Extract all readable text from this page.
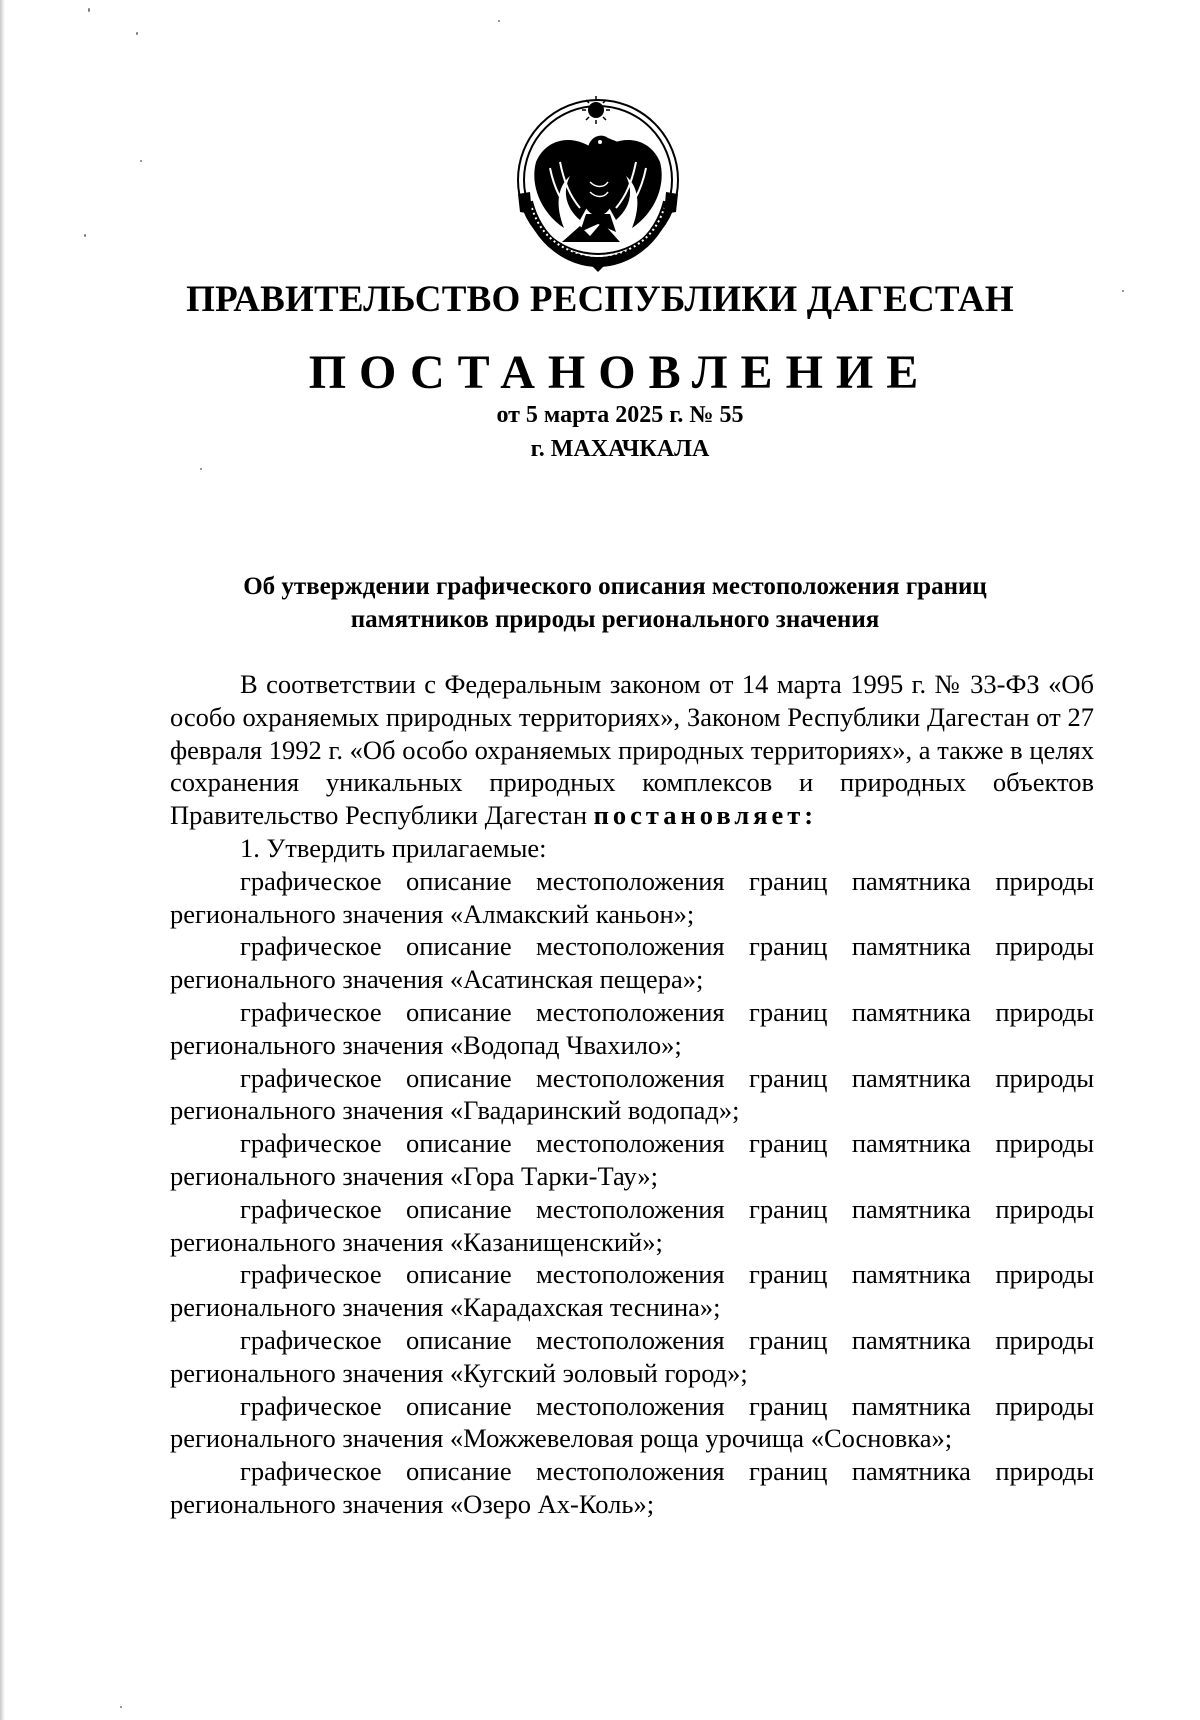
ПРАВИТЕЛЬСТВО РЕСПУБЛИКИ ДАГЕСТАН
ПОСТАНОВЛЕНИЕ
от 5 марта 2025 г. № 55
г. МАХАЧКАЛА
Об утверждении графического описания местоположения границ
памятников природы регионального значения

В соответствии с Федеральным законом от 14 марта 1995 г. № 33-ФЗ «Об особо охраняемых природных территориях», Законом Республики Дагестан от 27 февраля 1992 г. «Об особо охраняемых природных территориях», а также в целях сохранения уникальных природных комплексов и природных объектов Правительство Республики Дагестан постановляет:

1. Утвердить прилагаемые:

графическое описание местоположения границ памятника природы регионального значения «Алмакский каньон»;
графическое описание местоположения границ памятника природы регионального значения «Асатинская пещера»;
графическое описание местоположения границ памятника природы регионального значения «Водопад Чвахило»;
графическое описание местоположения границ памятника природы регионального значения «Гвадаринский водопад»;
графическое описание местоположения границ памятника природы регионального значения «Гора Тарки-Тау»;
графическое описание местоположения границ памятника природы регионального значения «Казанищенский»;
графическое описание местоположения границ памятника природы регионального значения «Карадахская теснина»;
графическое описание местоположения границ памятника природы регионального значения «Кугский эоловый город»;
графическое описание местоположения границ памятника природы регионального значения «Можжевеловая роща урочища «Сосновка»;
графическое описание местоположения границ памятника природы регионального значения «Озеро Ах-Коль»;
